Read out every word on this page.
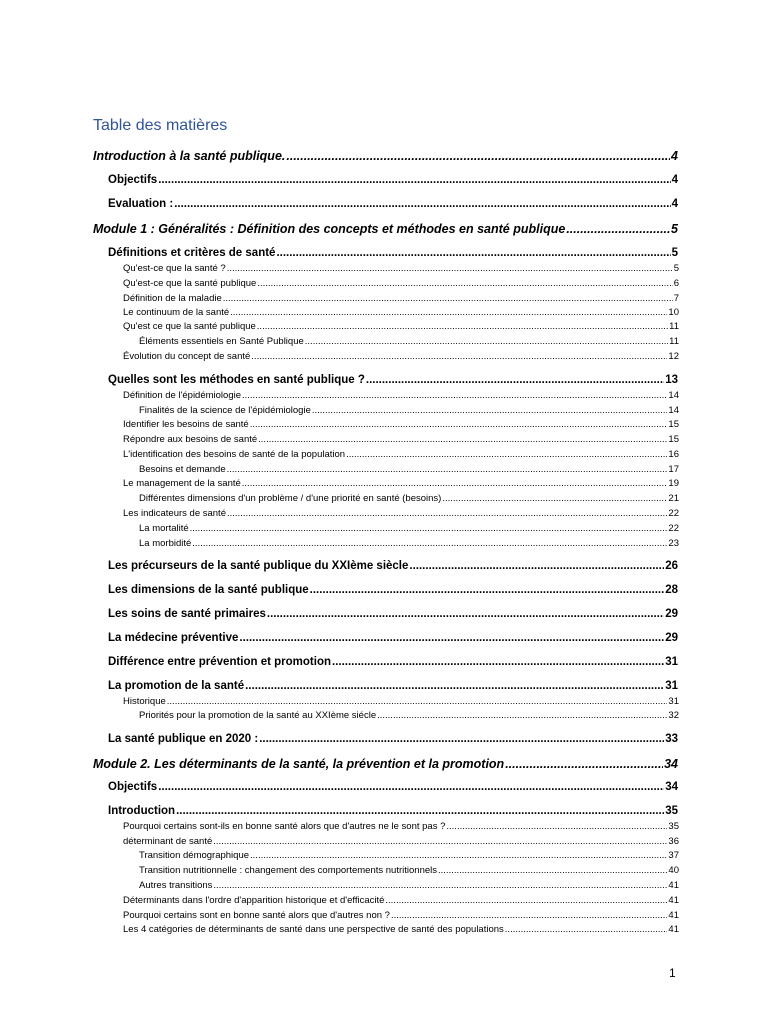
Table des matières
Introduction à la santé publique. .....	4
Objectifs .....	4
Evaluation : .....	4
Module 1 : Généralités : Définition des concepts et méthodes en santé publique .....	5
Définitions et critères de santé .....	5
Qu'est-ce que la santé ? .....	5
Qu'est-ce que la santé publique .....	6
Définition de la maladie .....	7
Le continuum de la santé .....	10
Qu'est ce que la santé publique .....	11
Éléments essentiels en Santé Publique .....	11
Évolution du concept de santé .....	12
Quelles sont les méthodes en santé publique ? .....	13
Définition de l'épidémiologie .....	14
Finalités de la science de l'épidémiologie .....	14
Identifier les besoins de santé .....	15
Répondre aux besoins de santé .....	15
L'identification des besoins de santé de la population .....	16
Besoins et demande .....	17
Le management de la santé .....	19
Différentes dimensions d'un problème / d'une priorité en santé (besoins) .....	21
Les indicateurs de santé .....	22
La mortalité .....	22
La morbidité .....	23
Les précurseurs de la santé publique du XXIème siècle .....	26
Les dimensions de la santé publique .....	28
Les soins de santé primaires .....	29
La médecine préventive .....	29
Différence entre prévention et promotion .....	31
La promotion de la santé .....	31
Historique .....	31
Priorités pour la promotion de la santé au XXIème siécle .....	32
La santé publique en 2020 : .....	33
Module 2. Les déterminants de la santé, la prévention et la promotion .....	34
Objectifs .....	34
Introduction .....	35
Pourquoi certains sont-ils en bonne santé alors que d'autres ne le sont pas ? .....	35
déterminant de santé .....	36
Transition démographique .....	37
Transition nutritionnelle : changement des comportements nutritionnels .....	40
Autres transitions .....	41
Déterminants dans l'ordre d'apparition historique et d'efficacité .....	41
Pourquoi certains sont en bonne santé alors que d'autres non ? .....	41
Les 4 catégories de déterminants de santé dans une perspective de santé des populations .....	41
1
